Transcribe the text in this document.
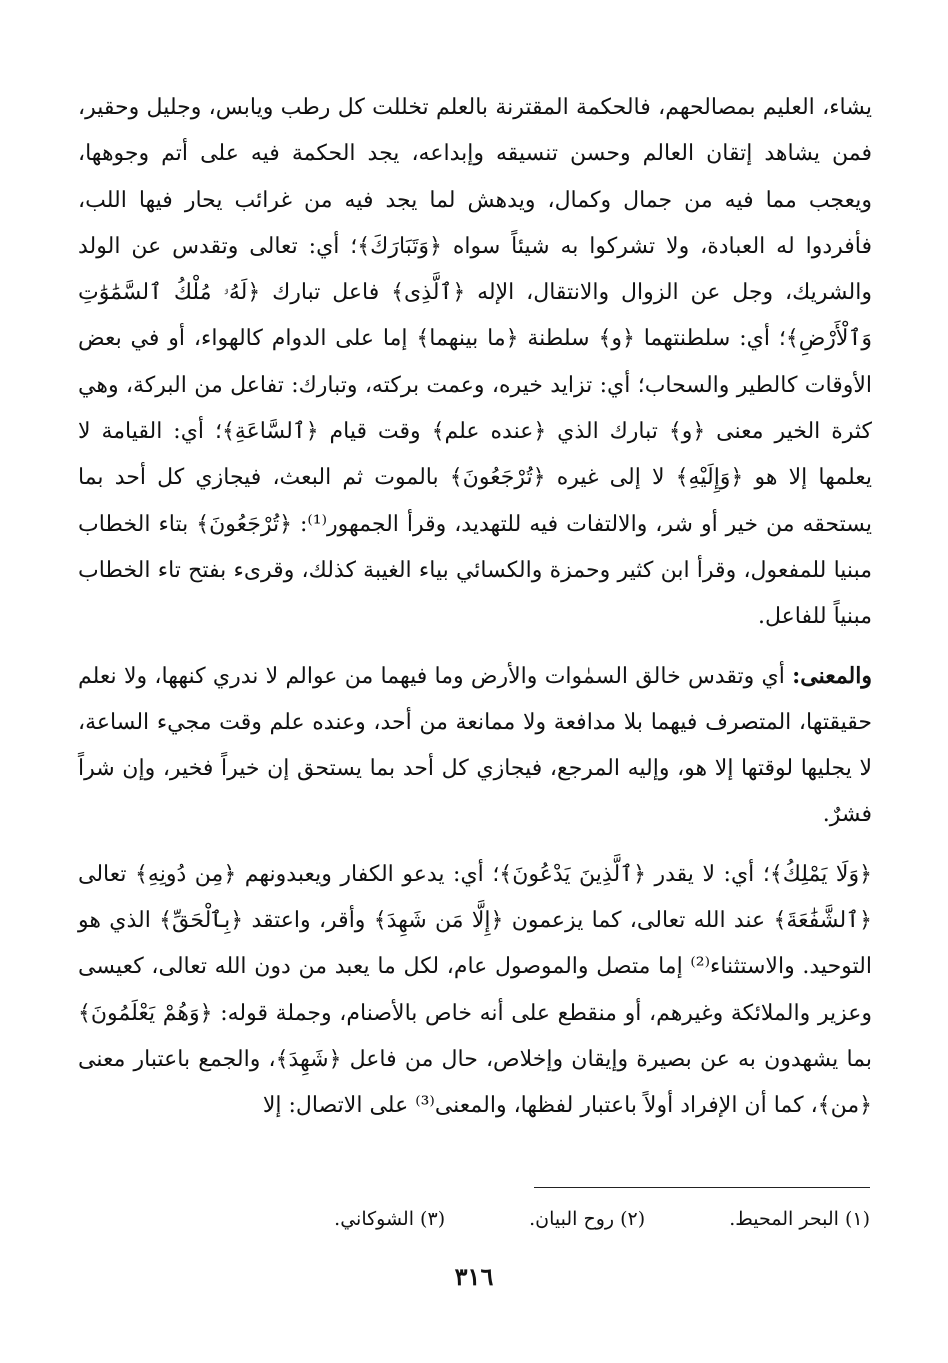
يشاء، العليم بمصالحهم، فالحكمة المقترنة بالعلم تخللت كل رطب ويابس، وجليل وحقير، فمن يشاهد إتقان العالم وحسن تنسيقه وإبداعه، يجد الحكمة فيه على أتم وجوهها، ويعجب مما فيه من جمال وكمال، ويدهش لما يجد فيه من غرائب يحار فيها اللب، فأفردوا له العبادة، ولا تشركوا به شيئاً سواه ﴿وَتَبَارَكَ﴾؛ أي: تعالى وتقدس عن الولد والشريك، وجل عن الزوال والانتقال، الإله ﴿ٱلَّذِى﴾ فاعل تبارك ﴿لَهُۥ مُلْكُ ٱلسَّمَٰوَٰتِ وَٱلْأَرْضِ﴾؛ أي: سلطنتهما ﴿و﴾ سلطنة ﴿ما بينهما﴾ إما على الدوام كالهواء، أو في بعض الأوقات كالطير والسحاب؛ أي: تزايد خيره، وعمت بركته، وتبارك: تفاعل من البركة، وهي كثرة الخير معنى ﴿و﴾ تبارك الذي ﴿عنده علم﴾ وقت قيام ﴿ٱلسَّاعَةِ﴾؛ أي: القيامة لا يعلمها إلا هو ﴿وَإِلَيْهِ﴾ لا إلى غيره ﴿تُرْجَعُونَ﴾ بالموت ثم البعث، فيجازي كل أحد بما يستحقه من خير أو شر، والالتفات فيه للتهديد، وقرأ الجمهور⁽¹⁾: ﴿تُرْجَعُونَ﴾ بتاء الخطاب مبنيا للمفعول، وقرأ ابن كثير وحمزة والكسائي بياء الغيبة كذلك، وقرىء بفتح تاء الخطاب مبنياً للفاعل.

والمعنى: أي وتقدس خالق السمٰوات والأرض وما فيهما من عوالم لا ندري كنهها، ولا نعلم حقيقتها، المتصرف فيهما بلا مدافعة ولا ممانعة من أحد، وعنده علم وقت مجيء الساعة، لا يجليها لوقتها إلا هو، وإليه المرجع، فيجازي كل أحد بما يستحق إن خيراً فخير، وإن شراً فشرٌ.

﴿وَلَا يَمْلِكُ﴾؛ أي: لا يقدر ﴿ٱلَّذِينَ يَدْعُونَ﴾؛ أي: يدعو الكفار ويعبدونهم ﴿مِن دُونِهِ﴾ تعالى ﴿ٱلشَّفَٰعَةَ﴾ عند الله تعالى، كما يزعمون ﴿إِلَّا مَن شَهِدَ﴾ وأقر، واعتقد ﴿بِٱلْحَقِّ﴾ الذي هو التوحيد. والاستثناء⁽²⁾ إما متصل والموصول عام، لكل ما يعبد من دون الله تعالى، كعيسى وعزير والملائكة وغيرهم، أو منقطع على أنه خاص بالأصنام، وجملة قوله: ﴿وَهُمْ يَعْلَمُونَ﴾ بما يشهدون به عن بصيرة وإيقان وإخلاص، حال من فاعل ﴿شَهِدَ﴾، والجمع باعتبار معنى ﴿من﴾، كما أن الإفراد أولاً باعتبار لفظها، والمعنى⁽³⁾ على الاتصال: إلا

(١) البحر المحيط.
(٢) روح البيان.
(٣) الشوكاني.
٣١٦
